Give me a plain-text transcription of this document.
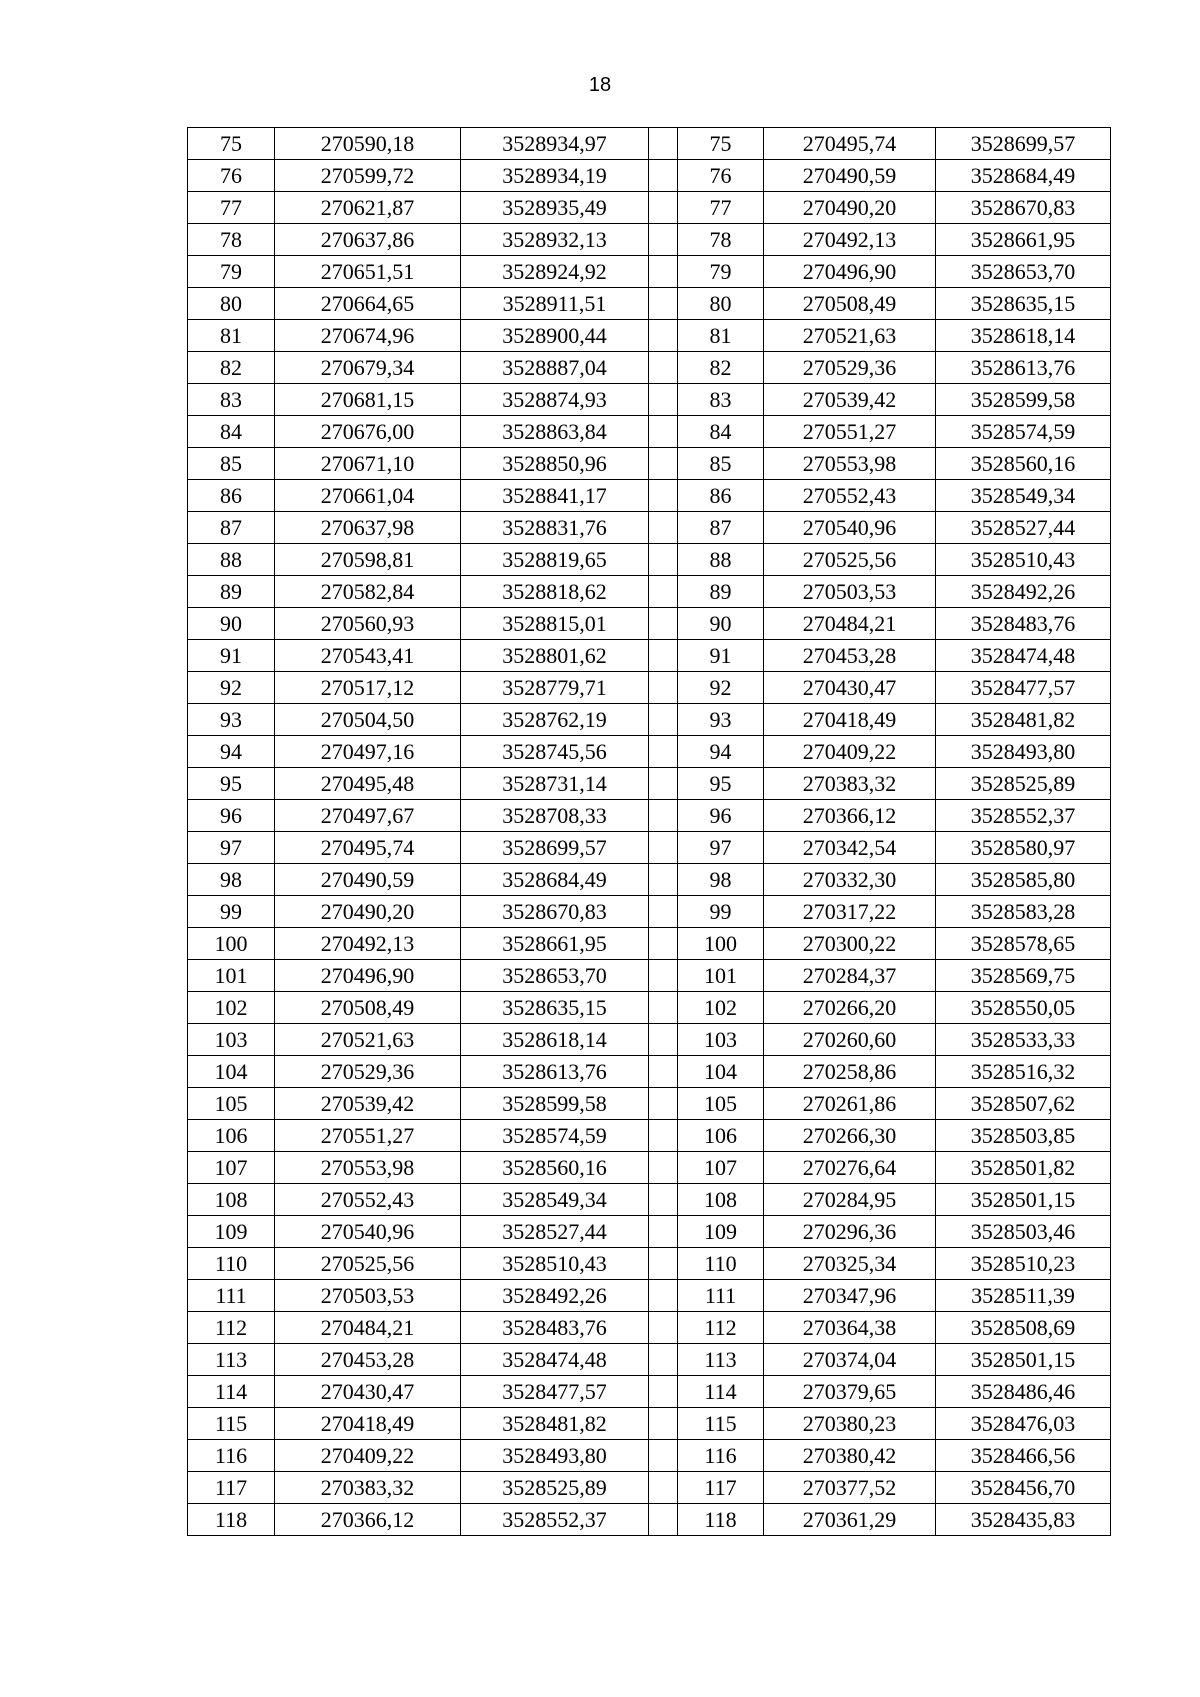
18
75	270590,18	3528934,97		75	270495,74	3528699,57
76	270599,72	3528934,19		76	270490,59	3528684,49
77	270621,87	3528935,49		77	270490,20	3528670,83
78	270637,86	3528932,13		78	270492,13	3528661,95
79	270651,51	3528924,92		79	270496,90	3528653,70
80	270664,65	3528911,51		80	270508,49	3528635,15
81	270674,96	3528900,44		81	270521,63	3528618,14
82	270679,34	3528887,04		82	270529,36	3528613,76
83	270681,15	3528874,93		83	270539,42	3528599,58
84	270676,00	3528863,84		84	270551,27	3528574,59
85	270671,10	3528850,96		85	270553,98	3528560,16
86	270661,04	3528841,17		86	270552,43	3528549,34
87	270637,98	3528831,76		87	270540,96	3528527,44
88	270598,81	3528819,65		88	270525,56	3528510,43
89	270582,84	3528818,62		89	270503,53	3528492,26
90	270560,93	3528815,01		90	270484,21	3528483,76
91	270543,41	3528801,62		91	270453,28	3528474,48
92	270517,12	3528779,71		92	270430,47	3528477,57
93	270504,50	3528762,19		93	270418,49	3528481,82
94	270497,16	3528745,56		94	270409,22	3528493,80
95	270495,48	3528731,14		95	270383,32	3528525,89
96	270497,67	3528708,33		96	270366,12	3528552,37
97	270495,74	3528699,57		97	270342,54	3528580,97
98	270490,59	3528684,49		98	270332,30	3528585,80
99	270490,20	3528670,83		99	270317,22	3528583,28
100	270492,13	3528661,95		100	270300,22	3528578,65
101	270496,90	3528653,70		101	270284,37	3528569,75
102	270508,49	3528635,15		102	270266,20	3528550,05
103	270521,63	3528618,14		103	270260,60	3528533,33
104	270529,36	3528613,76		104	270258,86	3528516,32
105	270539,42	3528599,58		105	270261,86	3528507,62
106	270551,27	3528574,59		106	270266,30	3528503,85
107	270553,98	3528560,16		107	270276,64	3528501,82
108	270552,43	3528549,34		108	270284,95	3528501,15
109	270540,96	3528527,44		109	270296,36	3528503,46
110	270525,56	3528510,43		110	270325,34	3528510,23
111	270503,53	3528492,26		111	270347,96	3528511,39
112	270484,21	3528483,76		112	270364,38	3528508,69
113	270453,28	3528474,48		113	270374,04	3528501,15
114	270430,47	3528477,57		114	270379,65	3528486,46
115	270418,49	3528481,82		115	270380,23	3528476,03
116	270409,22	3528493,80		116	270380,42	3528466,56
117	270383,32	3528525,89		117	270377,52	3528456,70
118	270366,12	3528552,37		118	270361,29	3528435,83
